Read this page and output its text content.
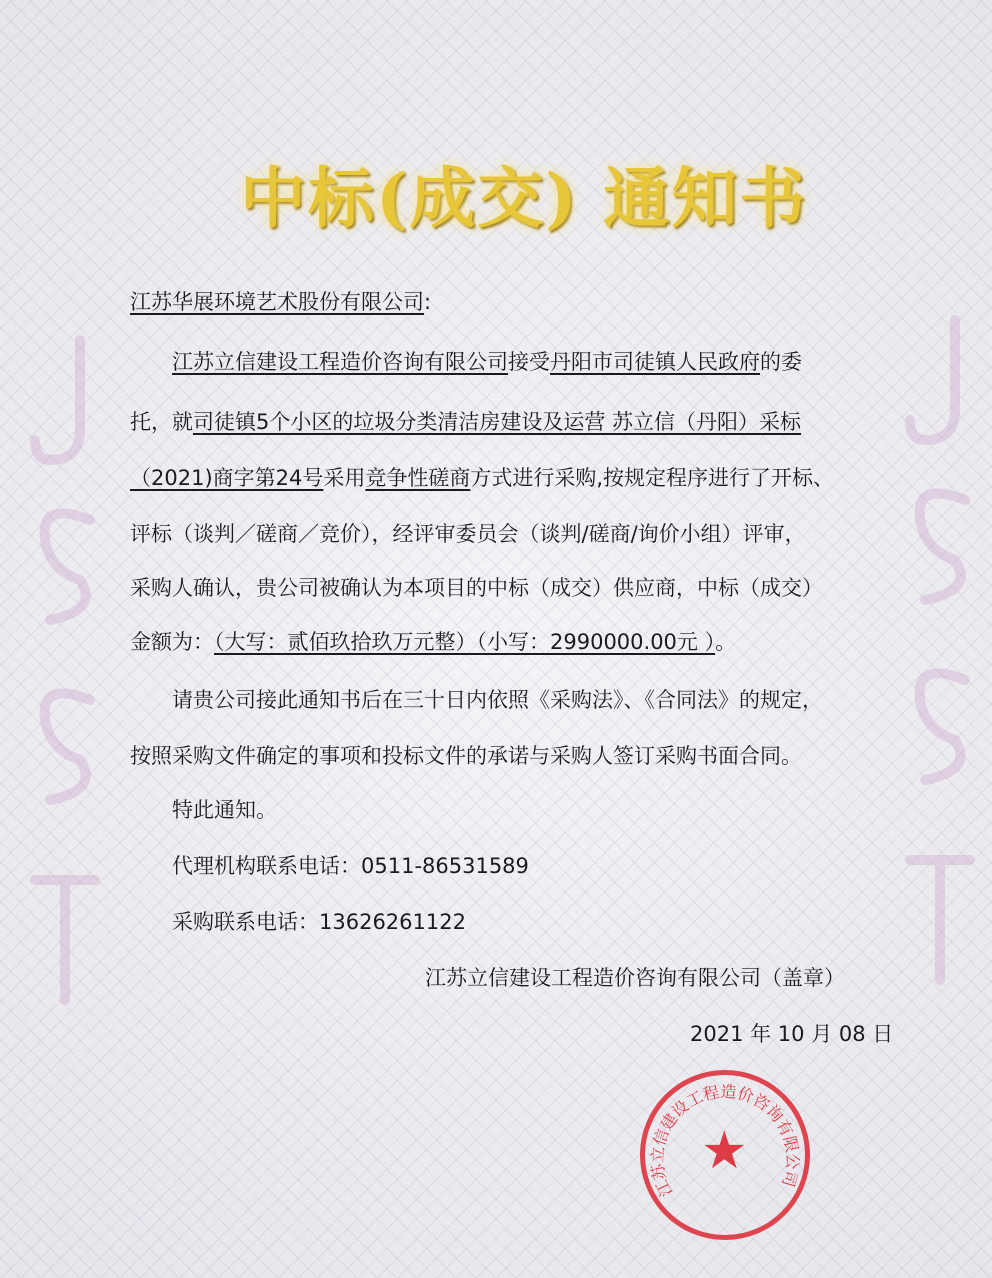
中标(成交) 通知书
江苏华展环境艺术股份有限公司:
江苏立信建设工程造价咨询有限公司接受丹阳市司徒镇人民政府的委
托，就司徒镇5个小区的垃圾分类清洁房建设及运营 苏立信（丹阳）采标
（2021)商字第24号采用竞争性磋商方式进行采购,按规定程序进行了开标、
评标（谈判／磋商／竞价），经评审委员会（谈判/磋商/询价小组）评审，
采购人确认，贵公司被确认为本项目的中标（成交）供应商，中标（成交）
金额为：（大写：贰佰玖拾玖万元整）（小写：2990000.00元 ）。
请贵公司接此通知书后在三十日内依照《采购法》、《合同法》的规定，
按照采购文件确定的事项和投标文件的承诺与采购人签订采购书面合同。
特此通知。
代理机构联系电话：0511-86531589
采购联系电话：13626261122
江苏立信建设工程造价咨询有限公司（盖章）
2021 年 10 月 08 日
江苏立信建设工程造价咨询有限公司
★
